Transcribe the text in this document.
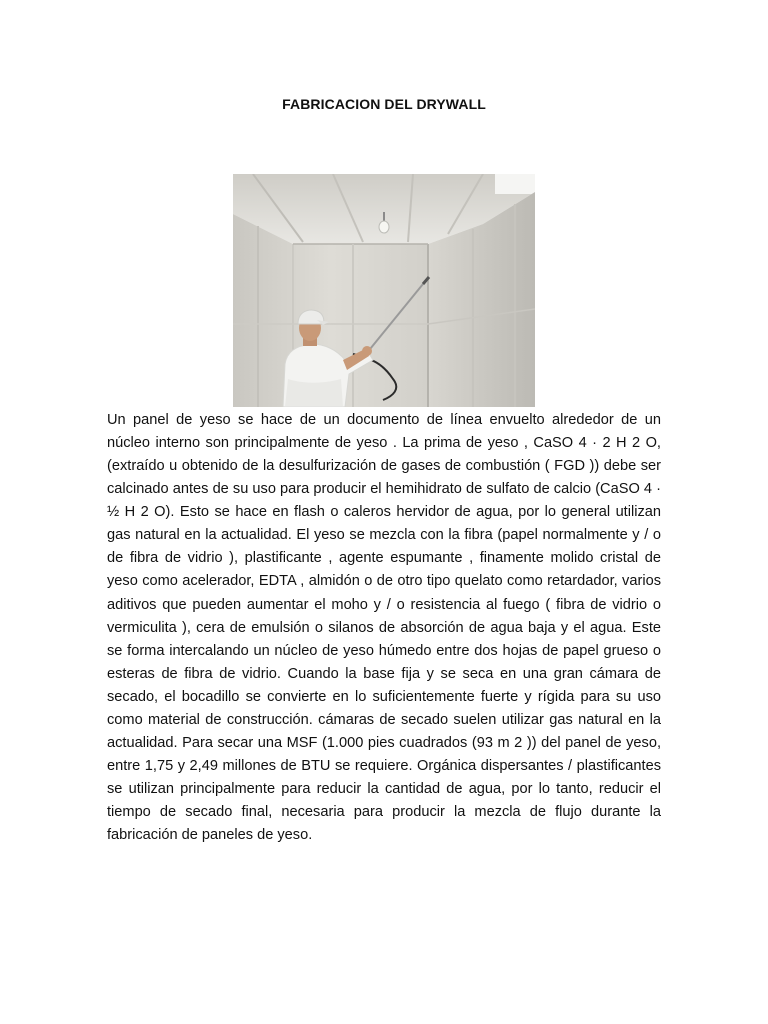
FABRICACION DEL DRYWALL

Un panel de yeso se hace de un documento de línea envuelto alrededor de un núcleo interno son principalmente de yeso . La prima de yeso , CaSO 4 · 2 H 2 O, (extraído u obtenido de la desulfurización de gases de combustión ( FGD )) debe ser calcinado antes de su uso para producir el hemihidrato de sulfato de calcio (CaSO 4 · ½ H 2 O). Esto se hace en flash o caleros hervidor de agua, por lo general utilizan gas natural en la actualidad. El yeso se mezcla con la fibra (papel normalmente y / o de fibra de vidrio ), plastificante , agente espumante , finamente molido cristal de yeso como acelerador, EDTA , almidón o de otro tipo quelato como retardador, varios aditivos que pueden aumentar el moho y / o resistencia al fuego ( fibra de vidrio o vermiculita ), cera de emulsión o silanos de absorción de agua baja y el agua. Este se forma intercalando un núcleo de yeso húmedo entre dos hojas de papel grueso o esteras de fibra de vidrio. Cuando la base fija y se seca en una gran cámara de secado, el bocadillo se convierte en lo suficientemente fuerte y rígida para su uso como material de construcción. cámaras de secado suelen utilizar gas natural en la actualidad. Para secar una MSF (1.000 pies cuadrados (93 m 2 )) del panel de yeso, entre 1,75 y 2,49 millones de BTU se requiere. Orgánica dispersantes / plastificantes se utilizan principalmente para reducir la cantidad de agua, por lo tanto, reducir el tiempo de secado final, necesaria para producir la mezcla de flujo durante la fabricación de paneles de yeso.
